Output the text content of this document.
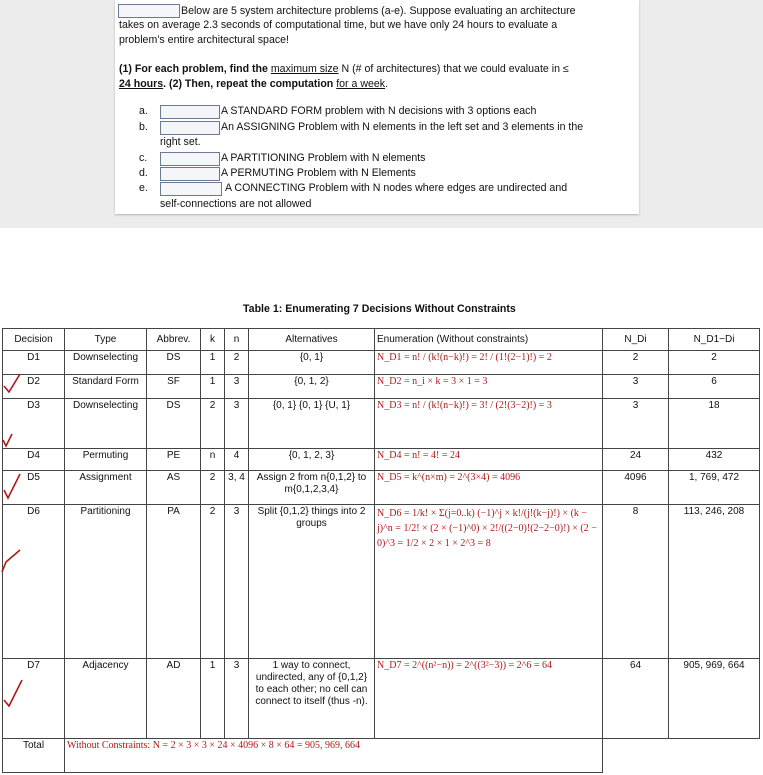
Below are 5 system architecture problems (a-e). Suppose evaluating an architecture
takes on average 2.3 seconds of computational time, but we have only 24 hours to evaluate a
problem’s entire architectural space!
(1) For each problem, find the maximum size N (# of architectures) that we could evaluate in ≤
24 hours. (2) Then, repeat the computation for a week.
a.	A STANDARD FORM problem with N decisions with 3 options each
b.	An ASSIGNING Problem with N elements in the left set and 3 elements in the
right set.
c.	A PARTITIONING Problem with N elements
d.	A PERMUTING Problem with N Elements
e.	A CONNECTING Problem with N nodes where edges are undirected and
self-connections are not allowed
Table 1: Enumerating 7 Decisions Without Constraints
Decision	Type	Abbrev.	k	n	Alternatives	Enumeration (Without constraints)	N_Di	N_D1−Di
D1	Downselecting	DS	1	2	{0, 1}	N_D1 = n! / (k!(n−k)!) = 2! / (1!(2−1)!) = 2	2	2
D2	Standard Form	SF	1	3	{0, 1, 2}	N_D2 = n_i × k = 3 × 1 = 3	3	6
D3	Downselecting	DS	2	3	{0, 1} {0, 1} {U, 1}	N_D3 = n! / (k!(n−k)!) = 3! / (2!(3−2)!) = 3	3	18
D4	Permuting	PE	n	4	{0, 1, 2, 3}	N_D4 = n! = 4! = 24	24	432
D5	Assignment	AS	2	3, 4	Assign 2 from n{0,1,2} to m{0,1,2,3,4}	N_D5 = k^(n×m) = 2^(3×4) = 4096	4096	1, 769, 472
D6	Partitioning	PA	2	3	Split {0,1,2} things into 2 groups	N_D6 = 1/k! × Σ(j=0..k) (−1)^j × k!/(j!(k−j)!) × (k − j)^n = 1/2! × (2 × (−1)^0) × 2!/((2−0)!(2−2−0)!) × (2 − 0)^3 = 1/2 × 2 × 1 × 2^3 = 8	8	113, 246, 208
D7	Adjacency	AD	1	3	1 way to connect, undirected, any of {0,1,2} to each other; no cell can connect to itself (thus -n).	N_D7 = 2^((n²−n)) = 2^((3²−3)) = 2^6 = 64	64	905, 969, 664
Total	Without Constraints: N = 2 × 3 × 3 × 24 × 4096 × 8 × 64 = 905, 969, 664							
